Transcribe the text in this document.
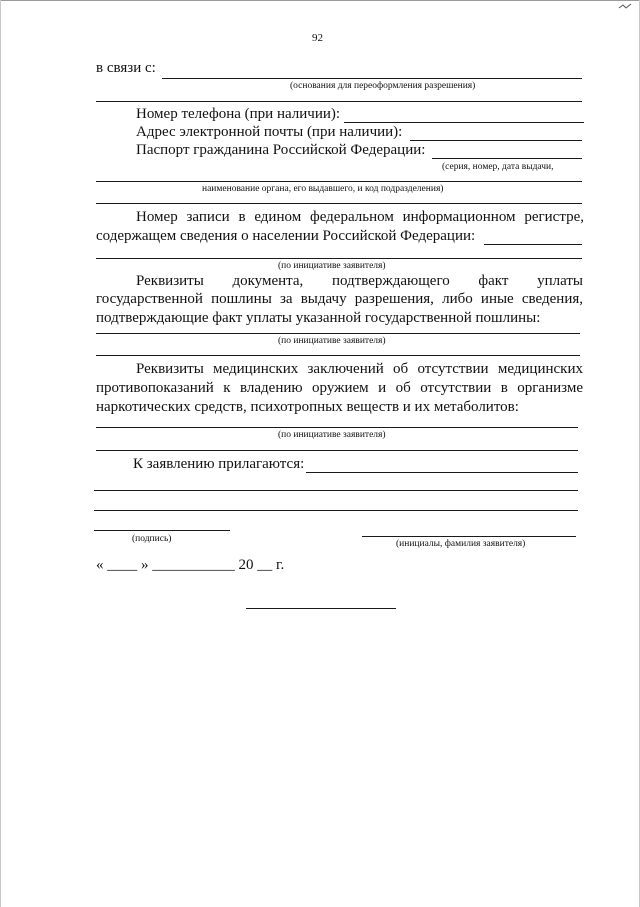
92
в связи с:
(основания для переоформления разрешения)
Номер телефона (при наличии):
Адрес электронной почты (при наличии):
Паспорт гражданина Российской Федерации:
(серия, номер, дата выдачи,
наименование органа, его выдавшего, и код подразделения)
Номер записи в едином федеральном информационном регистре,
содержащем сведения о населении Российской Федерации:
(по инициативе заявителя)
Реквизиты документа, подтверждающего факт уплаты
государственной пошлины за выдачу разрешения, либо иные сведения,
подтверждающие факт уплаты указанной государственной пошлины:
(по инициативе заявителя)
Реквизиты медицинских заключений об отсутствии медицинских
противопоказаний к владению оружием и об отсутствии в организме
наркотических средств, психотропных веществ и их метаболитов:
(по инициативе заявителя)
К заявлению прилагаются:
(подпись)	(инициалы, фамилия заявителя)
« ____ » ___________ 20 __ г.
